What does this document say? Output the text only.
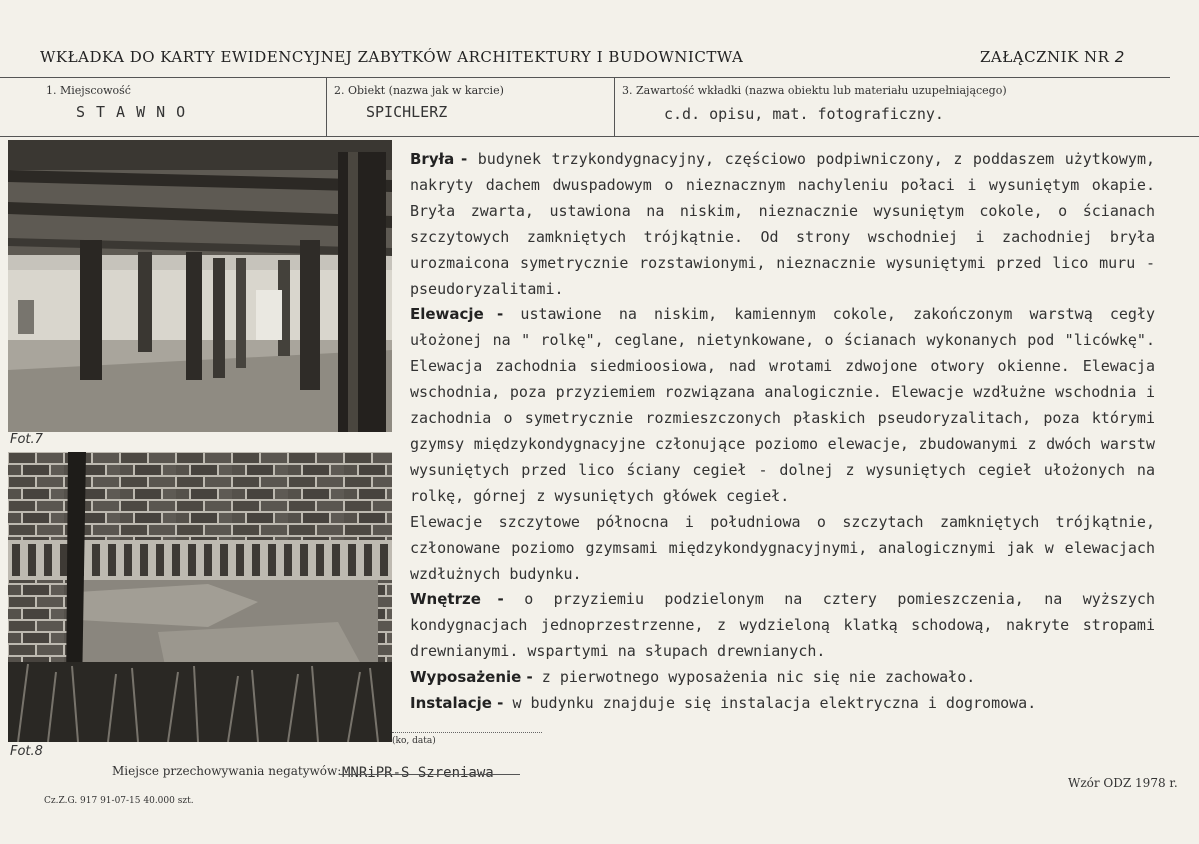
WKŁADKA DO KARTY EWIDENCYJNEJ ZABYTKÓW ARCHITEKTURY I BUDOWNICTWA	ZAŁĄCZNIK NR 2
1. Miejscowość
STAWNO
2. Obiekt (nazwa jak w karcie)
SPICHLERZ
3. Zawartość wkładki (nazwa obiektu lub materiału uzupełniającego)
c.d. opisu, mat. fotograficzny.
Fot.7
Fot.8

Bryła - budynek trzykondygnacyjny, częściowo podpiwniczony, z poddaszem użytkowym, nakryty dachem dwuspadowym o nieznacznym nachyleniu połaci i wysuniętym okapie. Bryła zwarta, ustawiona na niskim, nieznacznie wysuniętym cokole, o ścianach szczytowych zamkniętych trójkątnie. Od strony wschodniej i zachodniej bryła urozmaicona symetrycznie rozstawionymi, nieznacznie wysuniętymi przed lico muru - pseudoryzalitami.

Elewacje - ustawione na niskim, kamiennym cokole, zakończonym warstwą cegły ułożonej na " rolkę", ceglane, nietynkowane, o ścianach wykonanych pod "licówkę". Elewacja zachodnia siedmioosiowa, nad wrotami zdwojone otwory okienne. Elewacja wschodnia, poza przyziemiem rozwiązana analogicznie. Elewacje wzdłużne wschodnia i zachodnia o symetrycznie rozmieszczonych płaskich pseudoryzalitach, poza którymi gzymsy międzykondygnacyjne członujące poziomo elewacje, zbudowanymi z dwóch warstw wysuniętych przed lico ściany cegieł - dolnej z wysuniętych cegieł ułożonych na rolkę, górnej z wysuniętych główek cegieł.

Elewacje szczytowe północna i południowa o szczytach zamkniętych trójkątnie, członowane poziomo gzymsami międzykondygnacyjnymi, analogicznymi jak w elewacjach wzdłużnych budynku.

Wnętrze - o przyziemiu podzielonym na cztery pomieszczenia, na wyższych kondygnacjach jednoprzestrzenne, z wydzieloną klatką schodową, nakryte stropami drewnianymi. wspartymi na słupach drewnianych.

Wyposażenie - z pierwotnego wyposażenia nic się nie zachowało.

Instalacje - w budynku znajduje się instalacja elektryczna i dogromowa.

(ko, data)
Miejsce przechowywania negatywów: MNRiPR-S Szreniawa
Wzór ODZ 1978 r.
Cz.Z.G. 917 91-07-15 40.000 szt.
